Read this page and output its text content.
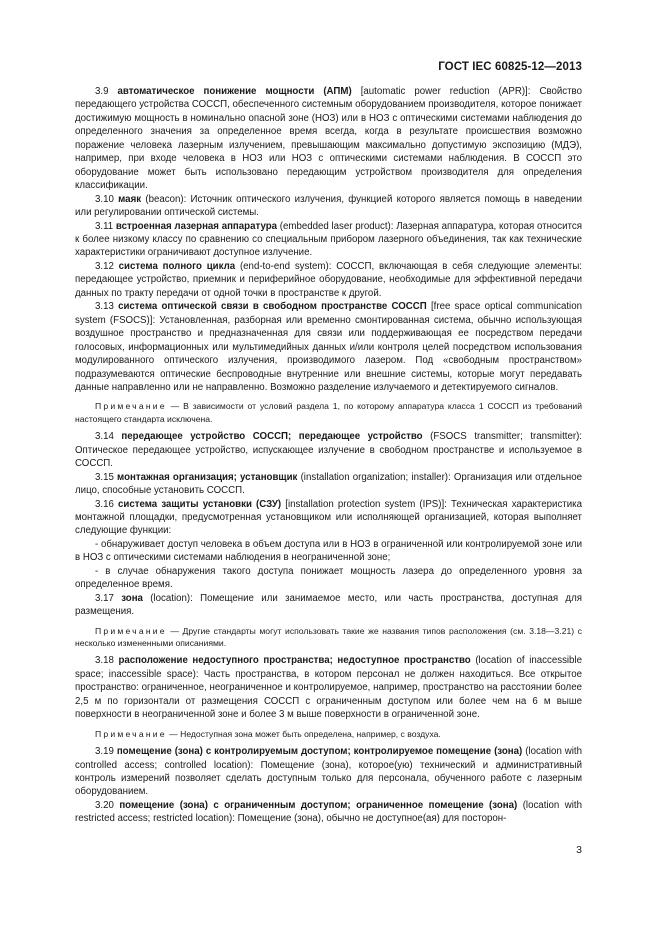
ГОСТ IEC 60825-12—2013

3.9 автоматическое понижение мощности (АПМ) [automatic power reduction (APR)]: Свойство передающего устройства СОССП, обеспеченного системным оборудованием производителя, которое понижает достижимую мощность в номинально опасной зоне (НОЗ) или в НОЗ с оптическими системами наблюдения до определенного значения за определенное время всегда, когда в результате происшествия возможно поражение человека лазерным излучением, превышающим максимально допустимую экспозицию (МДЭ), например, при входе человека в НОЗ или НОЗ с оптическими системами наблюдения. В СОССП это оборудование может быть использовано передающим устройством производителя для определения классификации.

3.10 маяк (beacon): Источник оптического излучения, функцией которого является помощь в наведении или регулировании оптической системы.

3.11 встроенная лазерная аппаратура (embedded laser product): Лазерная аппаратура, которая относится к более низкому классу по сравнению со специальным прибором лазерного объединения, так как технические характеристики ограничивают доступное излучение.

3.12 система полного цикла (end-to-end system): СОССП, включающая в себя следующие элементы: передающее устройство, приемник и периферийное оборудование, необходимые для эффективной передачи данных по тракту передачи от одной точки в пространстве к другой.

3.13 система оптической связи в свободном пространстве СОССП [free space optical communication system (FSOCS)]: Установленная, разборная или временно смонтированная система, обычно использующая воздушное пространство и предназначенная для связи или поддерживающая ее посредством передачи голосовых, информационных или мультимедийных данных и/или контроля целей посредством использования модулированного оптического излучения, производимого лазером. Под «свободным пространством» подразумеваются оптические беспроводные внутренние или внешние системы, которые могут передавать данные направленно или не направленно. Возможно разделение излучаемого и детектируемого сигналов.

Примечание — В зависимости от условий раздела 1, по которому аппаратура класса 1 СОССП из требований настоящего стандарта исключена.

3.14 передающее устройство СОССП; передающее устройство (FSOCS transmitter; transmitter): Оптическое передающее устройство, испускающее излучение в свободном пространстве и используемое в СОССП.

3.15 монтажная организация; установщик (installation organization; installer): Организация или отдельное лицо, способные установить СОССП.

3.16 система защиты установки (СЗУ) [installation protection system (IPS)]: Техническая характеристика монтажной площадки, предусмотренная установщиком или исполняющей организацией, которая выполняет следующие функции:

- обнаруживает доступ человека в объем доступа или в НОЗ в ограниченной или контролируемой зоне или в НОЗ с оптическими системами наблюдения в неограниченной зоне;

- в случае обнаружения такого доступа понижает мощность лазера до определенного уровня за определенное время.

3.17 зона (location): Помещение или занимаемое место, или часть пространства, доступная для размещения.

Примечание — Другие стандарты могут использовать такие же названия типов расположения (см. 3.18—3.21) с несколько измененными описаниями.

3.18 расположение недоступного пространства; недоступное пространство (location of inaccessible space; inaccessible space): Часть пространства, в котором персонал не должен находиться. Все открытое пространство: ограниченное, неограниченное и контролируемое, например, пространство на расстоянии более 2,5 м по горизонтали от размещения СОССП с ограниченным доступом или более чем на 6 м выше поверхности в неограниченной зоне и более 3 м выше поверхности в ограниченной зоне.

Примечание — Недоступная зона может быть определена, например, с воздуха.

3.19 помещение (зона) с контролируемым доступом; контролируемое помещение (зона) (location with controlled access; controlled location): Помещение (зона), котороe(ую) технический и административный контроль измерений позволяет сделать доступным только для персонала, обученного работе с лазерным оборудованием.

3.20 помещение (зона) с ограниченным доступом; ограниченное помещение (зона) (location with restricted access; restricted location): Помещение (зона), обычно не доступное(ая) для посторон-

3
